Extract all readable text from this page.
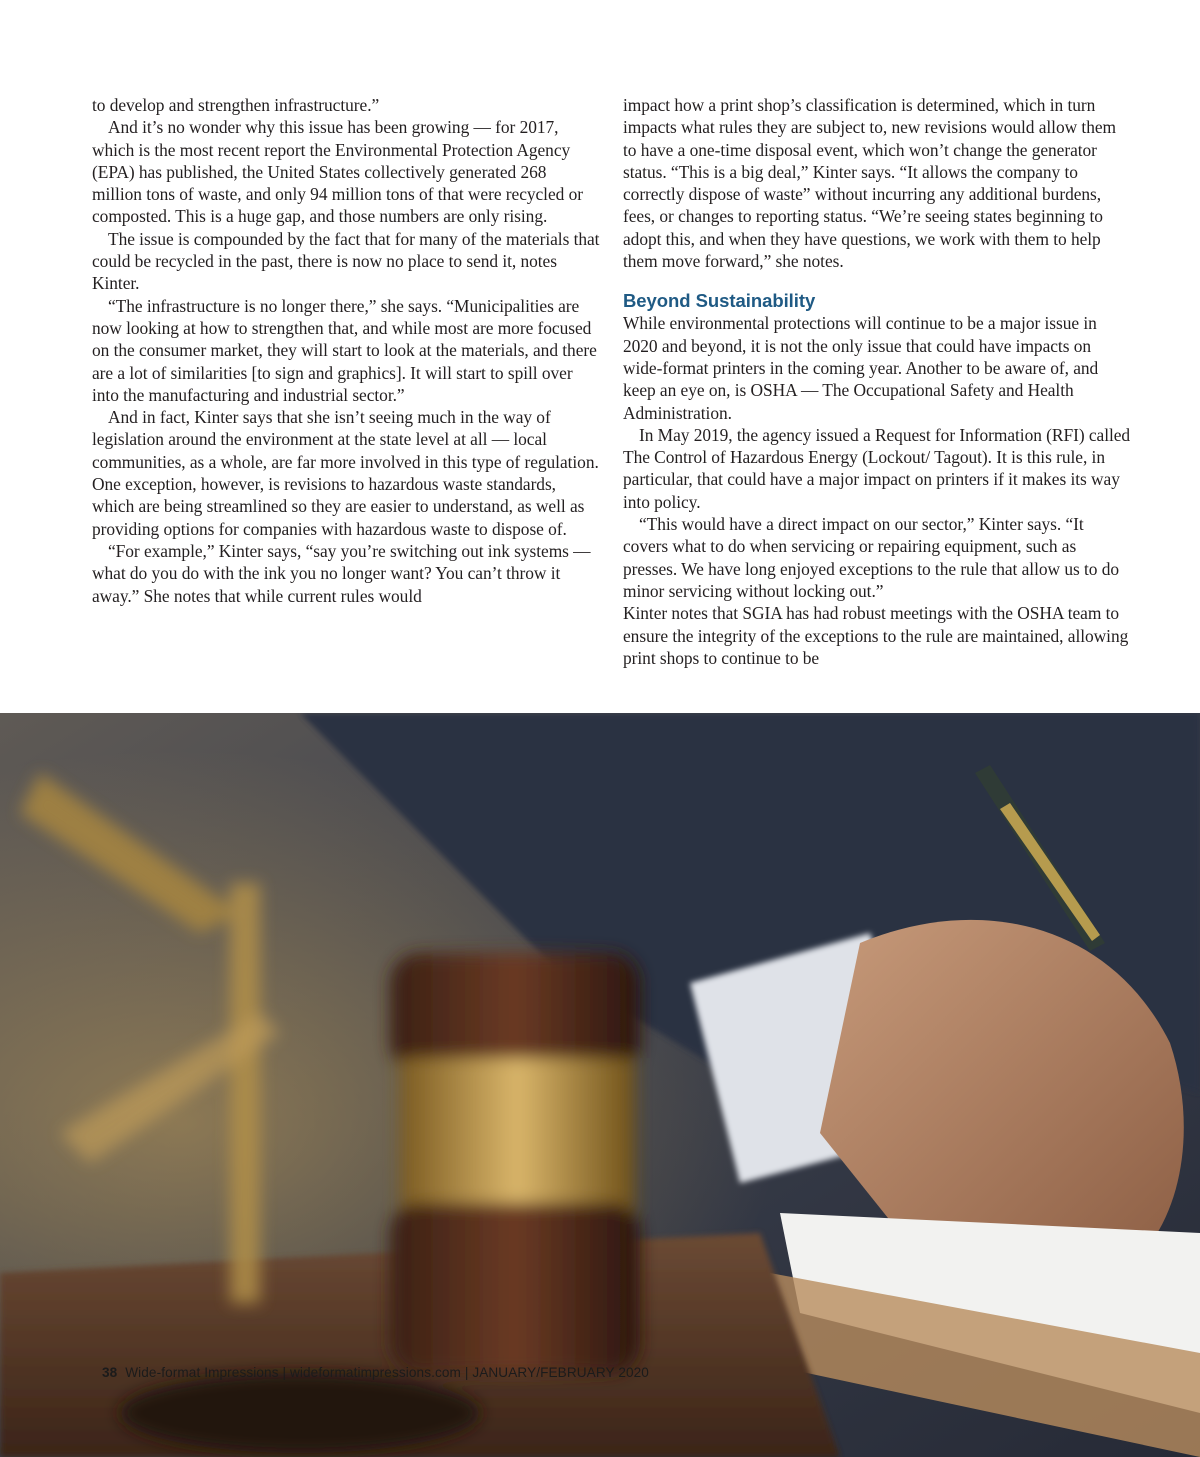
to develop and strengthen infrastructure.”

And it’s no wonder why this issue has been growing — for 2017, which is the most recent report the Environmental Protection Agency (EPA) has published, the United States collectively generated 268 million tons of waste, and only 94 million tons of that were recycled or composted. This is a huge gap, and those numbers are only rising.

The issue is compounded by the fact that for many of the materials that could be recycled in the past, there is now no place to send it, notes Kinter.

“The infrastructure is no longer there,” she says. “Municipalities are now looking at how to strengthen that, and while most are more focused on the consumer market, they will start to look at the materials, and there are a lot of similarities [to sign and graphics]. It will start to spill over into the manufacturing and industrial sector.”

And in fact, Kinter says that she isn’t seeing much in the way of legislation around the environment at the state level at all — local communities, as a whole, are far more involved in this type of regulation. One exception, however, is revisions to hazardous waste standards, which are being streamlined so they are easier to understand, as well as providing options for companies with hazardous waste to dispose of.

“For example,” Kinter says, “say you’re switching out ink systems — what do you do with the ink you no longer want? You can’t throw it away.” She notes that while current rules would

impact how a print shop’s classification is determined, which in turn impacts what rules they are subject to, new revisions would allow them to have a one-time disposal event, which won’t change the generator status. “This is a big deal,” Kinter says. “It allows the company to correctly dispose of waste” without incurring any additional burdens, fees, or changes to reporting status. “We’re seeing states beginning to adopt this, and when they have questions, we work with them to help them move forward,” she notes.

Beyond Sustainability

While environmental protections will continue to be a major issue in 2020 and beyond, it is not the only issue that could have impacts on wide-format printers in the coming year. Another to be aware of, and keep an eye on, is OSHA — The Occupational Safety and Health Administration.

In May 2019, the agency issued a Request for Information (RFI) called The Control of Hazardous Energy (Lockout/ Tagout). It is this rule, in particular, that could have a major impact on printers if it makes its way into policy.

“This would have a direct impact on our sector,” Kinter says. “It covers what to do when servicing or repairing equipment, such as presses. We have long enjoyed exceptions to the rule that allow us to do minor servicing without locking out.”

Kinter notes that SGIA has had robust meetings with the OSHA team to ensure the integrity of the exceptions to the rule are maintained, allowing print shops to continue to be

38 Wide-format Impressions | wideformatimpressions.com | JANUARY/FEBRUARY 2020
